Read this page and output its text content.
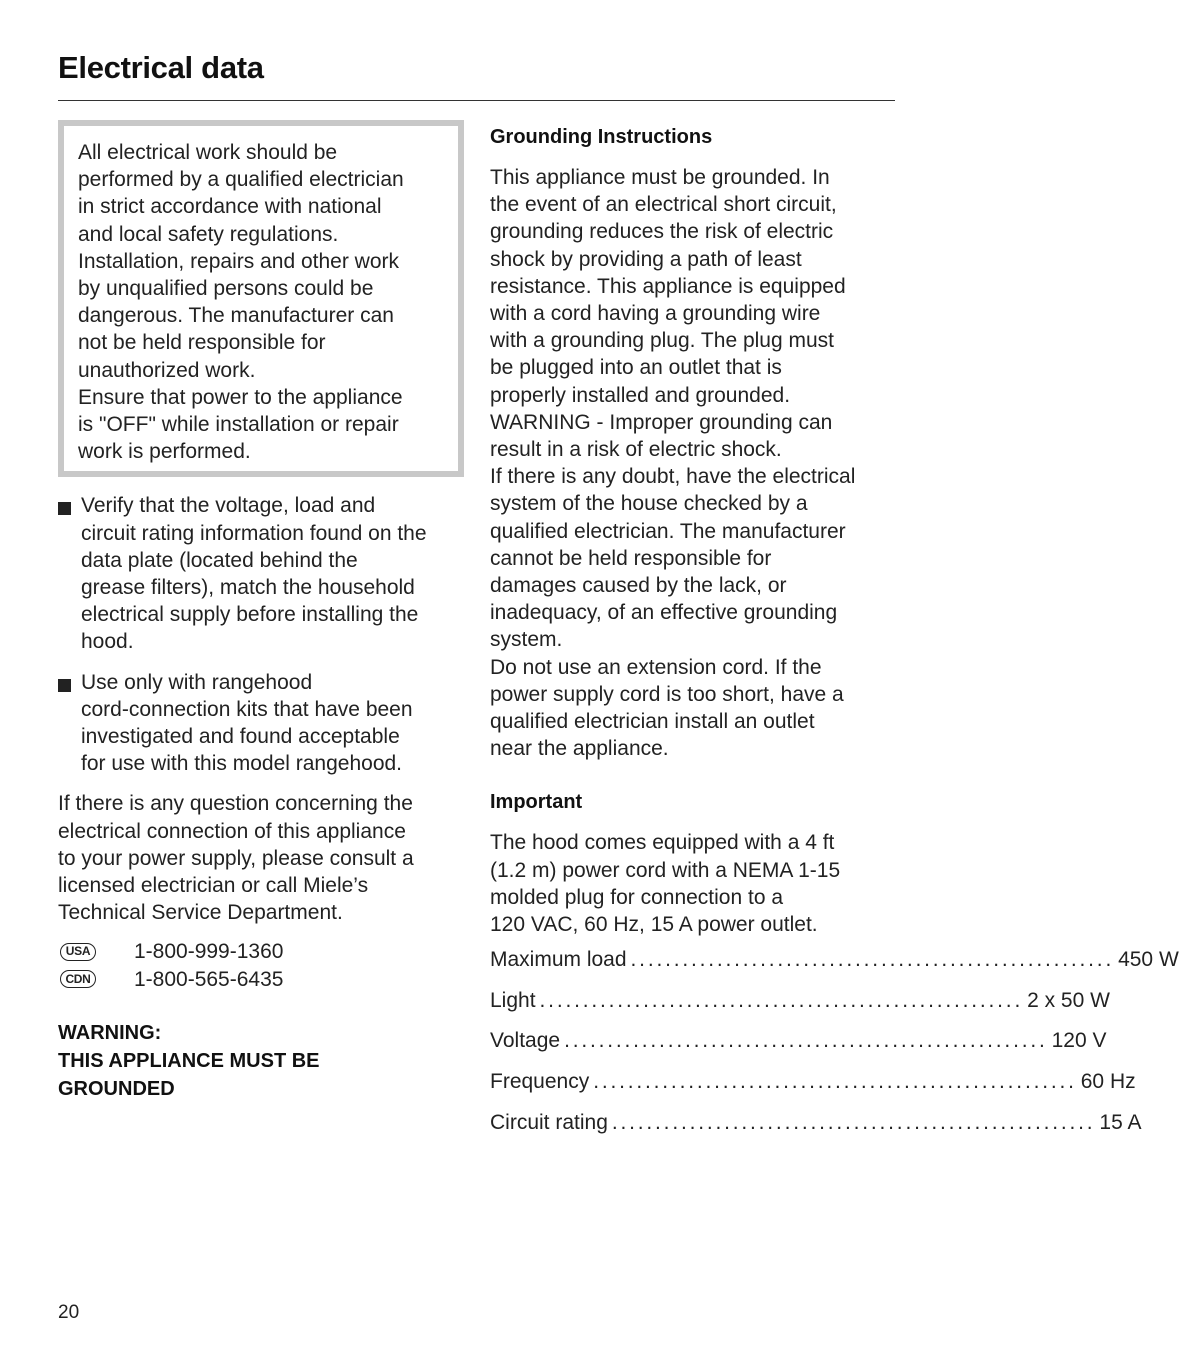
Electrical data

All electrical work should be

performed by a qualified electrician

in strict accordance with national

and local safety regulations.

Installation, repairs and other work

by unqualified persons could be

dangerous. The manufacturer can

not be held responsible for

unauthorized work.

Ensure that power to the appliance

is "OFF" while installation or repair

work is performed.

Verify that the voltage, load and
circuit rating information found on the
data plate (located behind the
grease filters), match the household
electrical supply before installing the
hood.
Use only with rangehood
cord-connection kits that have been
investigated and found acceptable
for use with this model rangehood.
If there is any question concerning the
electrical connection of this appliance
to your power supply, please consult a
licensed electrician or call Miele’s
Technical Service Department.
USA 1-800-999-1360
CDN 1-800-565-6435
WARNING:
THIS APPLIANCE MUST BE
GROUNDED
Grounding Instructions
This appliance must be grounded. In
the event of an electrical short circuit,
grounding reduces the risk of electric
shock by providing a path of least
resistance. This appliance is equipped
with a cord having a grounding wire
with a grounding plug. The plug must
be plugged into an outlet that is
properly installed and grounded.
WARNING - Improper grounding can
result in a risk of electric shock.
If there is any doubt, have the electrical
system of the house checked by a
qualified electrician. The manufacturer
cannot be held responsible for
damages caused by the lack, or
inadequacy, of an effective grounding
system.
Do not use an extension cord. If the
power supply cord is too short, have a
qualified electrician install an outlet
near the appliance.
Important
The hood comes equipped with a 4 ft
(1.2 m) power cord with a NEMA 1-15
molded plug for connection to a
120 VAC, 60 Hz, 15 A power outlet.
Maximum load ........................................................ 450 W
Light ........................................................ 2 x 50 W
Voltage ........................................................ 120 V
Frequency ........................................................ 60 Hz
Circuit rating ........................................................ 15 A
20
